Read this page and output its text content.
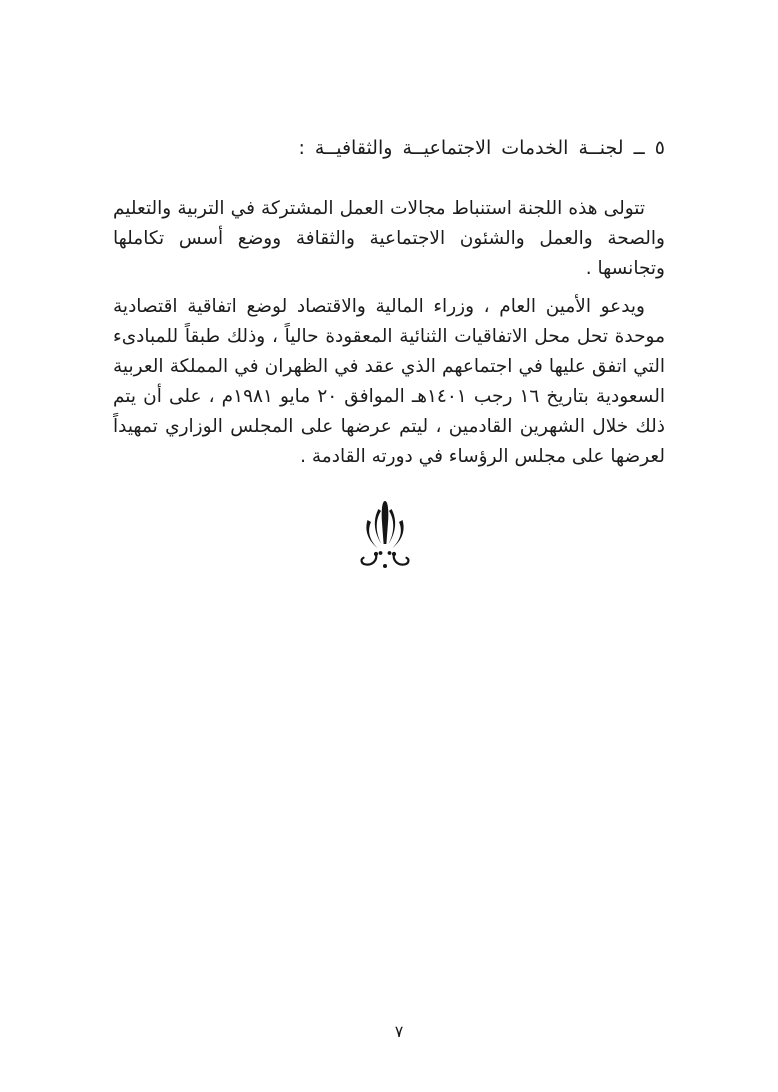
٥ ــ لجنــة الخدمات الاجتماعيــة والثقافيــة :

تتولى هذه اللجنة استنباط مجالات العمل المشتركة في التربية والتعليم والصحة والعمل والشئون الاجتماعية والثقافة ووضع أسس تكاملها وتجانسها .

ويدعو الأمين العام ، وزراء المالية والاقتصاد لوضع اتفاقية اقتصادية موحدة تحل محل الاتفاقيات الثنائية المعقودة حالياً ، وذلك طبقاً للمبادىء التي اتفق عليها في اجتماعهم الذي عقد في الظهران في المملكة العربية السعودية بتاريخ ١٦ رجب ١٤٠١هـ الموافق ٢٠ مايو ١٩٨١م ، على أن يتم ذلك خلال الشهرين القادمين ، ليتم عرضها على المجلس الوزاري تمهيداً لعرضها على مجلس الرؤساء في دورته القادمة .

٧
